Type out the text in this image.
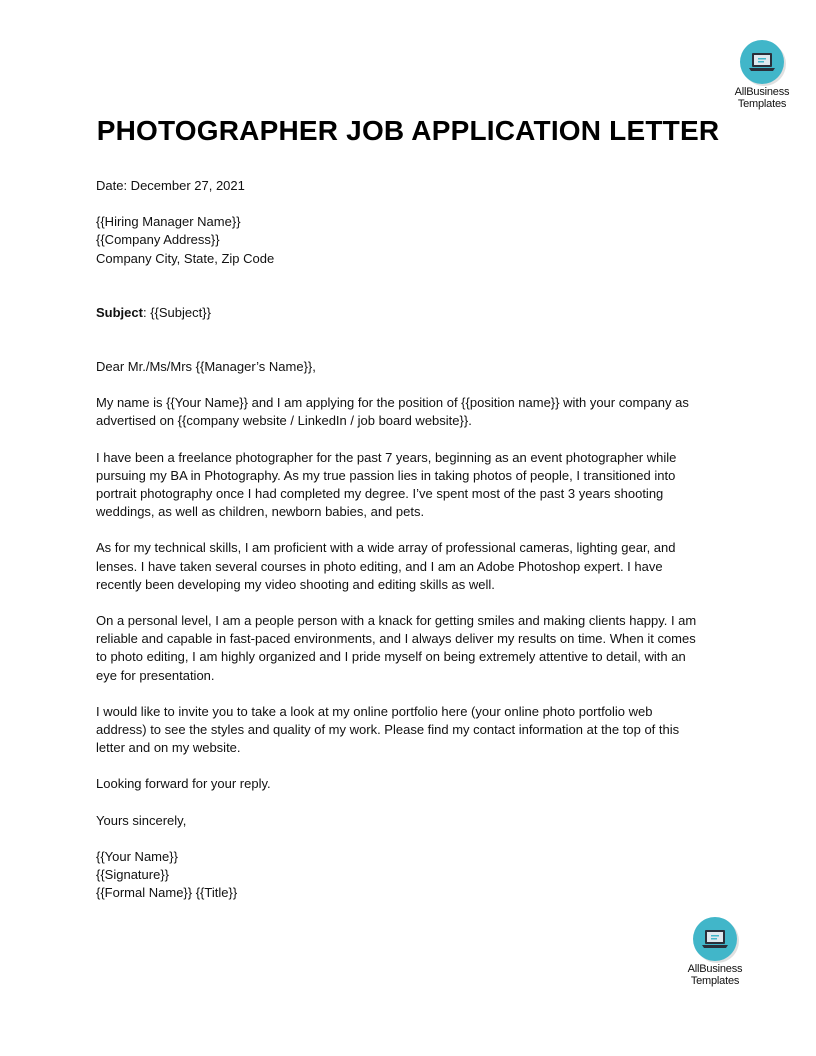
AllBusiness
Templates
PHOTOGRAPHER JOB APPLICATION LETTER

Date: December 27, 2021

{{Hiring Manager Name}}

{{Company Address}}

Company City, State, Zip Code

Subject: {{Subject}}

Dear Mr./Ms/Mrs {{Manager’s Name}},

My name is {{Your Name}} and I am applying for the position of {{position name}} with your company as

advertised on {{company website / LinkedIn / job board website}}.

I have been a freelance photographer for the past 7 years, beginning as an event photographer while

pursuing my BA in Photography. As my true passion lies in taking photos of people, I transitioned into

portrait photography once I had completed my degree. I’ve spent most of the past 3 years shooting

weddings, as well as children, newborn babies, and pets.

As for my technical skills, I am proficient with a wide array of professional cameras, lighting gear, and

lenses. I have taken several courses in photo editing, and I am an Adobe Photoshop expert. I have

recently been developing my video shooting and editing skills as well.

On a personal level, I am a people person with a knack for getting smiles and making clients happy. I am

reliable and capable in fast-paced environments, and I always deliver my results on time. When it comes

to photo editing, I am highly organized and I pride myself on being extremely attentive to detail, with an

eye for presentation.

I would like to invite you to take a look at my online portfolio here (your online photo portfolio web

address) to see the styles and quality of my work. Please find my contact information at the top of this

letter and on my website.

Looking forward for your reply.

Yours sincerely,

{{Your Name}}

{{Signature}}

{{Formal Name}} {{Title}}

AllBusiness
Templates
